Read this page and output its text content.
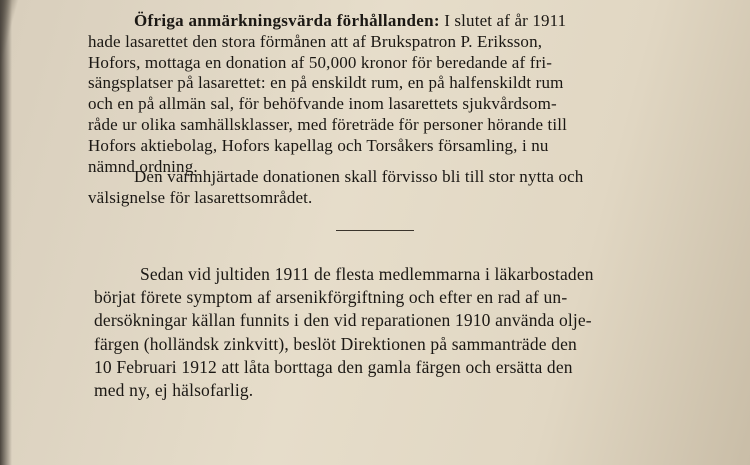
Öfriga anmärkningsvärda förhållanden: I slutet af år 1911
hade lasarettet den stora förmånen att af Brukspatron P. Eriksson,
Hofors, mottaga en donation af 50,000 kronor för beredande af fri-
sängsplatser på lasarettet: en på enskildt rum, en på halfenskildt rum
och en på allmän sal, för behöfvande inom lasarettets sjukvårdsom-
råde ur olika samhällsklasser, med företräde för personer hörande till
Hofors aktiebolag, Hofors kapellag och Torsåkers församling, i nu
nämnd ordning.
Den varmhjärtade donationen skall förvisso bli till stor nytta och
välsignelse för lasarettsområdet.
Sedan vid jultiden 1911 de flesta medlemmarna i läkarbostaden
börjat förete symptom af arsenikförgiftning och efter en rad af un-
dersökningar källan funnits i den vid reparationen 1910 använda olje-
färgen (holländsk zinkvitt), beslöt Direktionen på sammanträde den
10 Februari 1912 att låta borttaga den gamla färgen och ersätta den
med ny, ej hälsofarlig.
